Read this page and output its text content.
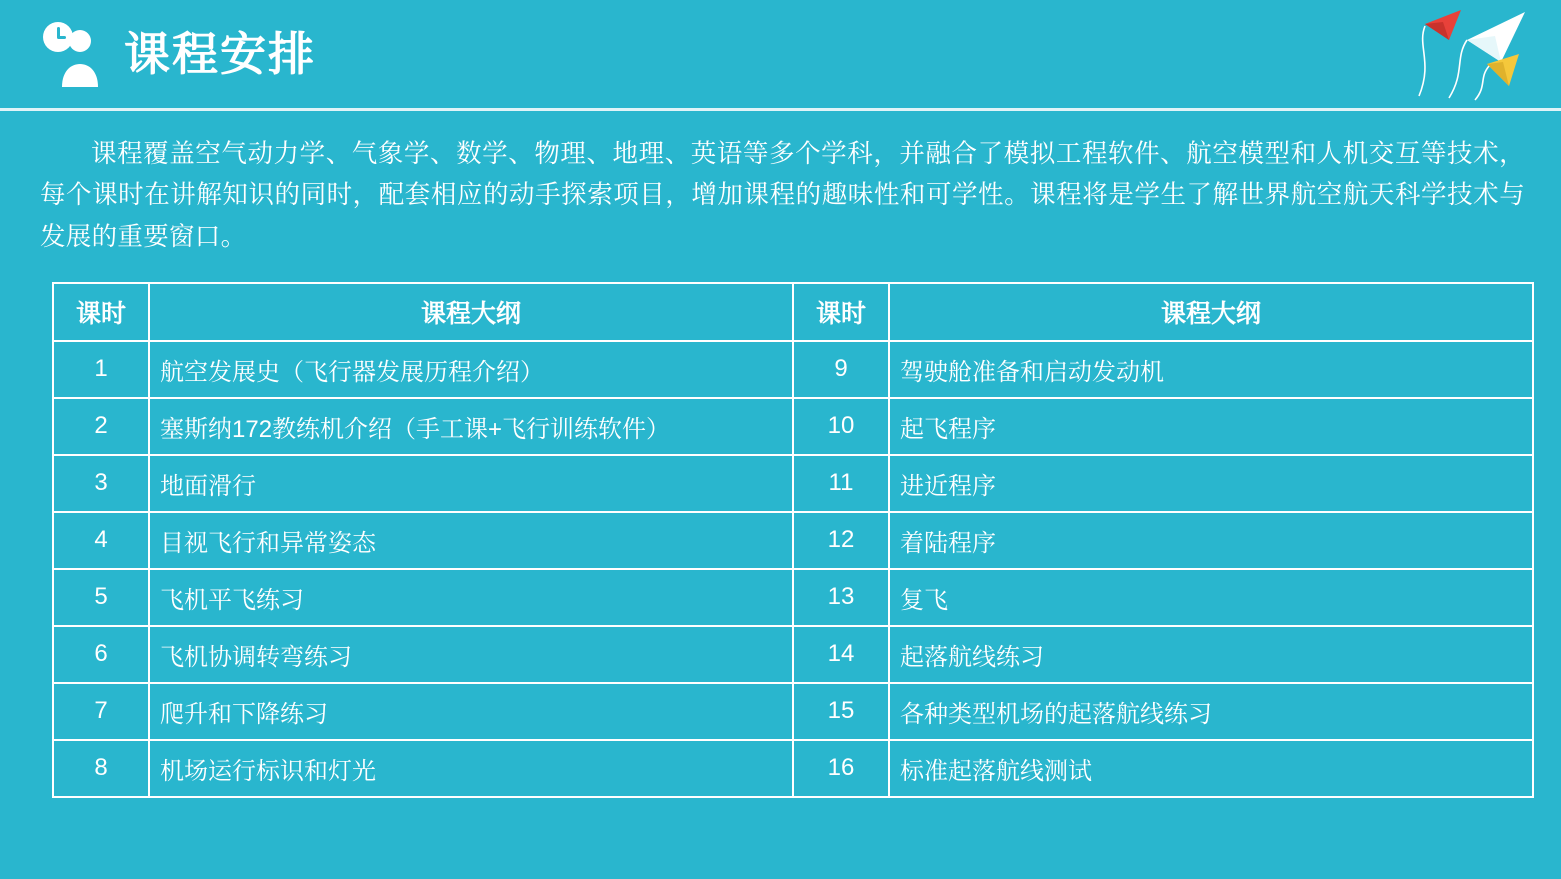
课程安排

课程覆盖空气动力学、气象学、数学、物理、地理、英语等多个学科，并融合了模拟工程软件、航空模型和人机交互等技术，每个课时在讲解知识的同时，配套相应的动手探索项目，增加课程的趣味性和可学性。课程将是学生了解世界航空航天科学技术与发展的重要窗口。

课时	课程大纲	课时	课程大纲
1	航空发展史（飞行器发展历程介绍）	9	驾驶舱准备和启动发动机
2	塞斯纳172教练机介绍（手工课+飞行训练软件）	10	起飞程序
3	地面滑行	11	进近程序
4	目视飞行和异常姿态	12	着陆程序
5	飞机平飞练习	13	复飞
6	飞机协调转弯练习	14	起落航线练习
7	爬升和下降练习	15	各种类型机场的起落航线练习
8	机场运行标识和灯光	16	标准起落航线测试
